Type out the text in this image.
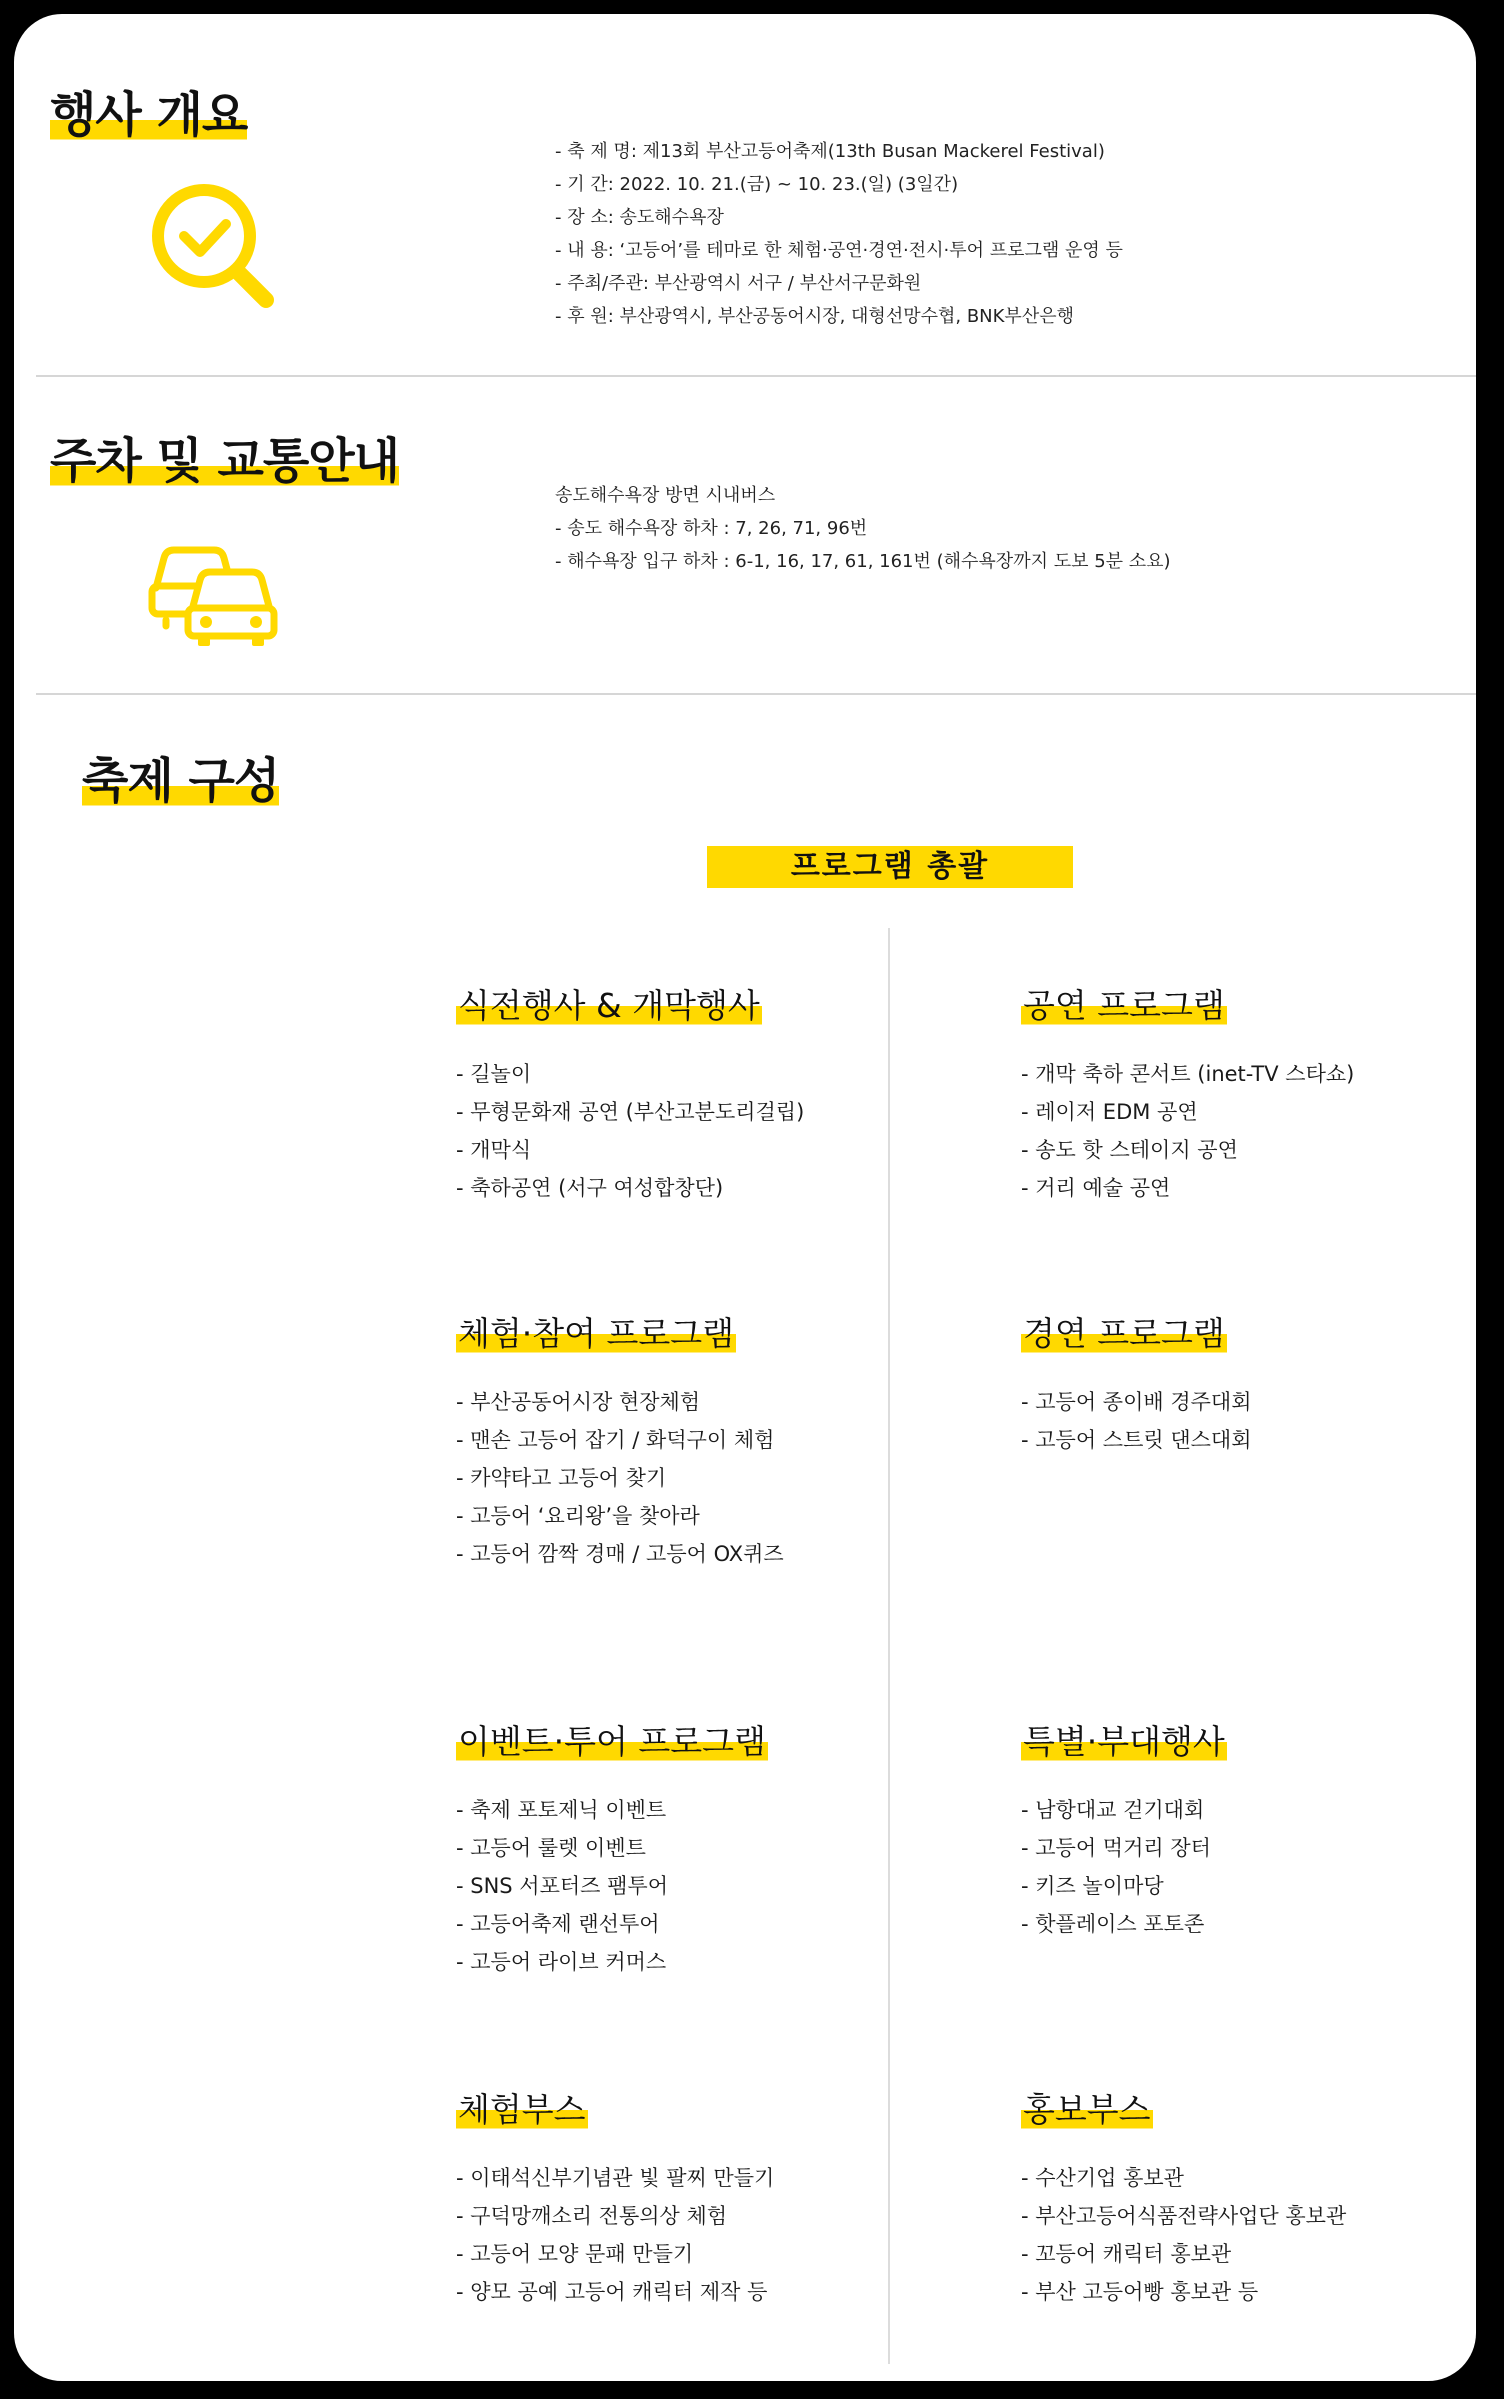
행사 개요
- 축 제 명: 제13회 부산고등어축제(13th Busan Mackerel Festival)
- 기 간: 2022. 10. 21.(금) ~ 10. 23.(일) (3일간)
- 장 소: 송도해수욕장
- 내 용: ‘고등어’를 테마로 한 체험·공연·경연·전시·투어 프로그램 운영 등
- 주최/주관: 부산광역시 서구 / 부산서구문화원
- 후 원: 부산광역시, 부산공동어시장, 대형선망수협, BNK부산은행
주차 및 교통안내
송도해수욕장 방면 시내버스
- 송도 해수욕장 하차 : 7, 26, 71, 96번
- 해수욕장 입구 하차 : 6-1, 16, 17, 61, 161번 (해수욕장까지 도보 5분 소요)
축제 구성
프로그램 총괄
식전행사 & 개막행사
- 길놀이
- 무형문화재 공연 (부산고분도리걸립)
- 개막식
- 축하공연 (서구 여성합창단)
공연 프로그램
- 개막 축하 콘서트 (inet-TV 스타쇼)
- 레이저 EDM 공연
- 송도 핫 스테이지 공연
- 거리 예술 공연
체험·참여 프로그램
- 부산공동어시장 현장체험
- 맨손 고등어 잡기 / 화덕구이 체험
- 카약타고 고등어 찾기
- 고등어 ‘요리왕’을 찾아라
- 고등어 깜짝 경매 / 고등어 OX퀴즈
경연 프로그램
- 고등어 종이배 경주대회
- 고등어 스트릿 댄스대회
이벤트·투어 프로그램
- 축제 포토제닉 이벤트
- 고등어 룰렛 이벤트
- SNS 서포터즈 팸투어
- 고등어축제 랜선투어
- 고등어 라이브 커머스
특별·부대행사
- 남항대교 걷기대회
- 고등어 먹거리 장터
- 키즈 놀이마당
- 핫플레이스 포토존
체험부스
- 이태석신부기념관 빛 팔찌 만들기
- 구덕망깨소리 전통의상 체험
- 고등어 모양 문패 만들기
- 양모 공예 고등어 캐릭터 제작 등
홍보부스
- 수산기업 홍보관
- 부산고등어식품전략사업단 홍보관
- 꼬등어 캐릭터 홍보관
- 부산 고등어빵 홍보관 등
